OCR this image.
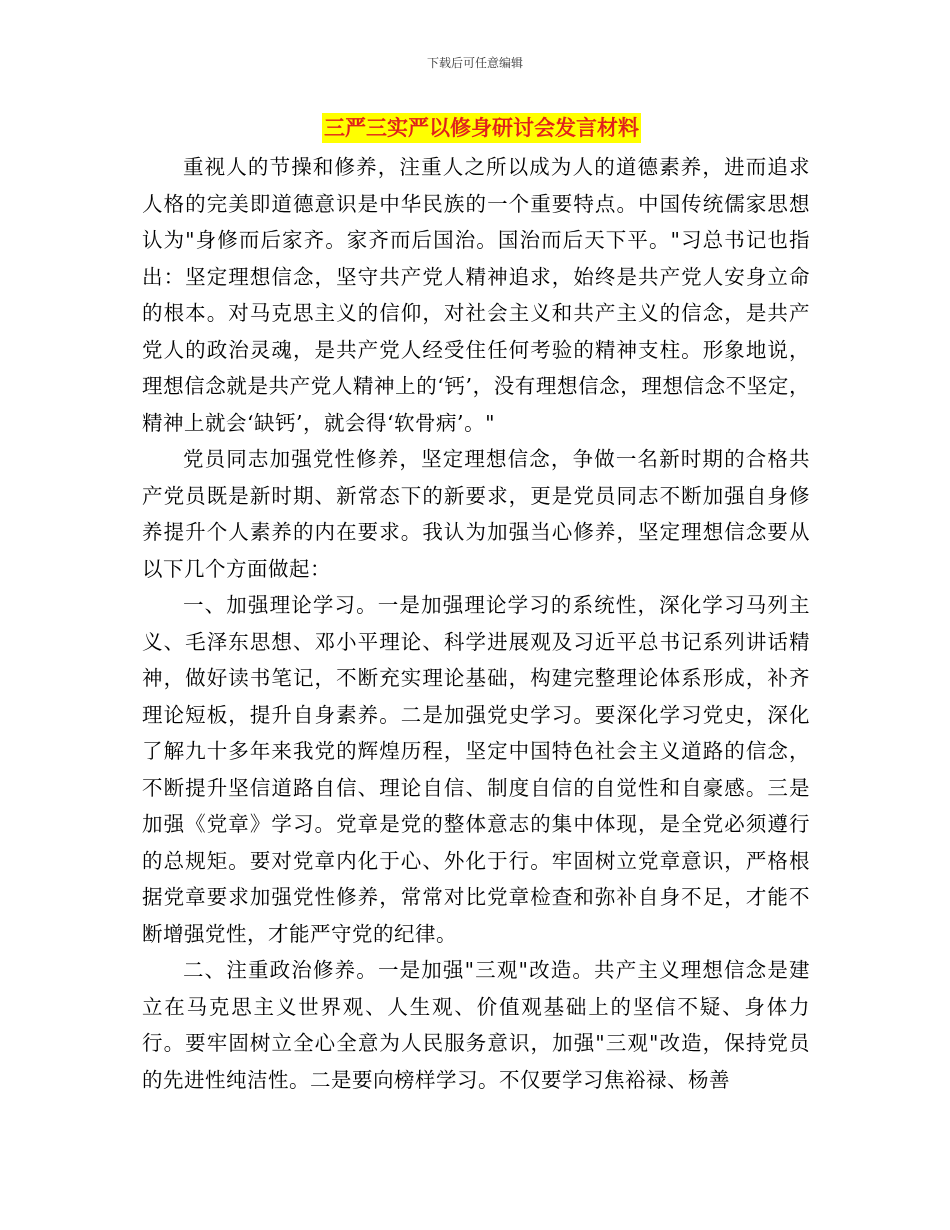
下载后可任意编辑
三严三实严以修身研讨会发言材料

重视人的节操和修养，注重人之所以成为人的道德素养，进而追求人格的完美即道德意识是中华民族的一个重要特点。中国传统儒家思想认为"身修而后家齐。家齐而后国治。国治而后天下平。"习总书记也指出：坚定理想信念，坚守共产党人精神追求，始终是共产党人安身立命的根本。对马克思主义的信仰，对社会主义和共产主义的信念，是共产党人的政治灵魂，是共产党人经受住任何考验的精神支柱。形象地说，理想信念就是共产党人精神上的‘钙’，没有理想信念，理想信念不坚定，精神上就会‘缺钙’，就会得‘软骨病’。"

党员同志加强党性修养，坚定理想信念，争做一名新时期的合格共产党员既是新时期、新常态下的新要求，更是党员同志不断加强自身修养提升个人素养的内在要求。我认为加强当心修养，坚定理想信念要从以下几个方面做起：

一、加强理论学习。一是加强理论学习的系统性，深化学习马列主义、毛泽东思想、邓小平理论、科学进展观及习近平总书记系列讲话精神，做好读书笔记，不断充实理论基础，构建完整理论体系形成，补齐理论短板，提升自身素养。二是加强党史学习。要深化学习党史，深化了解九十多年来我党的辉煌历程，坚定中国特色社会主义道路的信念，不断提升坚信道路自信、理论自信、制度自信的自觉性和自豪感。三是加强《党章》学习。党章是党的整体意志的集中体现，是全党必须遵行的总规矩。要对党章内化于心、外化于行。牢固树立党章意识，严格根据党章要求加强党性修养，常常对比党章检查和弥补自身不足，才能不断增强党性，才能严守党的纪律。

二、注重政治修养。一是加强"三观"改造。共产主义理想信念是建立在马克思主义世界观、人生观、价值观基础上的坚信不疑、身体力行。要牢固树立全心全意为人民服务意识，加强"三观"改造，保持党员的先进性纯洁性。二是要向榜样学习。不仅要学习焦裕禄、杨善
